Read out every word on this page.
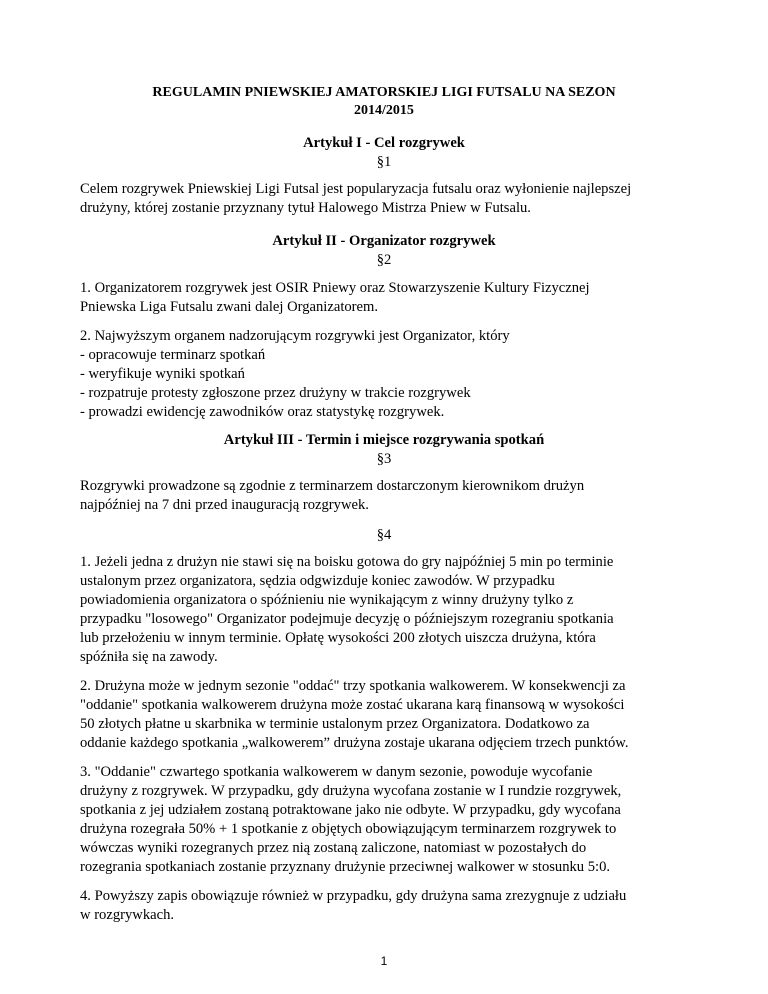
REGULAMIN PNIEWSKIEJ AMATORSKIEJ LIGI FUTSALU NA SEZON
2014/2015
Artykuł I - Cel rozgrywek
§1
Celem rozgrywek Pniewskiej Ligi Futsal jest popularyzacja futsalu oraz wyłonienie najlepszej
drużyny, której zostanie przyznany tytuł Halowego Mistrza Pniew w Futsalu.
Artykuł II - Organizator rozgrywek
§2
1. Organizatorem rozgrywek jest OSIR Pniewy oraz Stowarzyszenie Kultury Fizycznej
Pniewska Liga Futsalu zwani dalej Organizatorem.
2. Najwyższym organem nadzorującym rozgrywki jest Organizator, który
- opracowuje terminarz spotkań
- weryfikuje wyniki spotkań
- rozpatruje protesty zgłoszone przez drużyny w trakcie rozgrywek
- prowadzi ewidencję zawodników oraz statystykę rozgrywek.
Artykuł III - Termin i miejsce rozgrywania spotkań
§3
Rozgrywki prowadzone są zgodnie z terminarzem dostarczonym kierownikom drużyn
najpóźniej na 7 dni przed inauguracją rozgrywek.
§4
1. Jeżeli jedna z drużyn nie stawi się na boisku gotowa do gry najpóźniej 5 min po terminie
ustalonym przez organizatora, sędzia odgwizduje koniec zawodów. W przypadku
powiadomienia organizatora o spóźnieniu nie wynikającym z winny drużyny tylko z
przypadku "losowego" Organizator podejmuje decyzję o późniejszym rozegraniu spotkania
lub przełożeniu w innym terminie. Opłatę wysokości 200 złotych uiszcza drużyna, która
spóźniła się na zawody.
2. Drużyna może w jednym sezonie "oddać" trzy spotkania walkowerem. W konsekwencji za
"oddanie" spotkania walkowerem drużyna może zostać ukarana karą finansową w wysokości
50 złotych płatne u skarbnika w terminie ustalonym przez Organizatora. Dodatkowo za
oddanie każdego spotkania „walkowerem” drużyna zostaje ukarana odjęciem trzech punktów.
3. "Oddanie" czwartego spotkania walkowerem w danym sezonie, powoduje wycofanie
drużyny z rozgrywek. W przypadku, gdy drużyna wycofana zostanie w I rundzie rozgrywek,
spotkania z jej udziałem zostaną potraktowane jako nie odbyte. W przypadku, gdy wycofana
drużyna rozegrała 50% + 1 spotkanie z objętych obowiązującym terminarzem rozgrywek to
wówczas wyniki rozegranych przez nią zostaną zaliczone, natomiast w pozostałych do
rozegrania spotkaniach zostanie przyznany drużynie przeciwnej walkower w stosunku 5:0.
4. Powyższy zapis obowiązuje również w przypadku, gdy drużyna sama zrezygnuje z udziału
w rozgrywkach.
1
